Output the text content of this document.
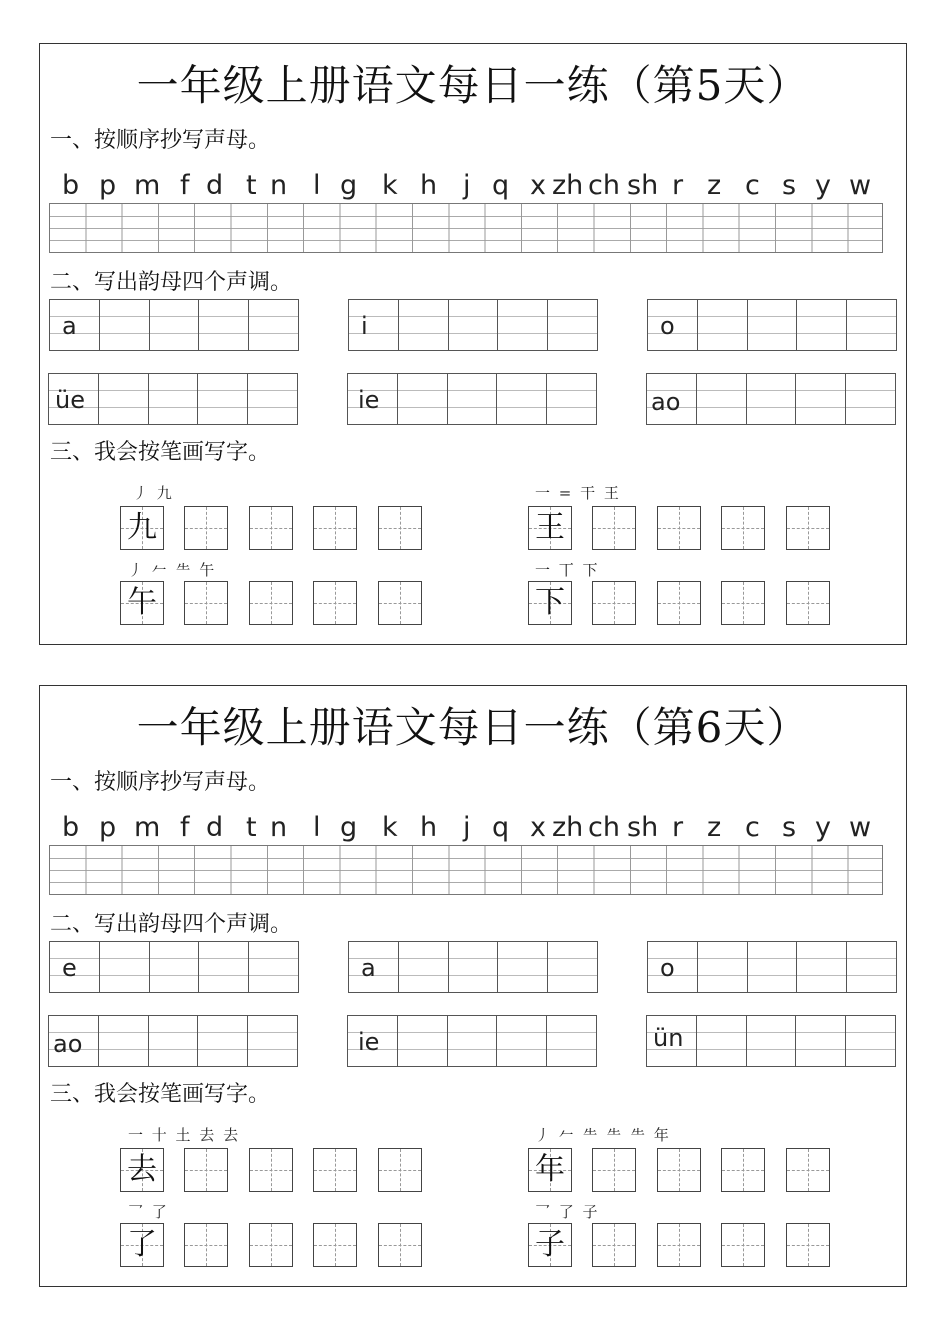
一年级上册语文每日一练（第5天）
一、按顺序抄写声母。
b p m f d t n l g k h j q x zh ch sh r z c s y w
二、写出韵母四个声调。
a	i	o
üe	ie	ao
三、我会按笔画写字。
丿 九
九
一 = 干 王
王
丿 𠂉 ⺧ 午
午
一 丅 下
下
一年级上册语文每日一练（第6天）
一、按顺序抄写声母。
b p m f d t n l g k h j q x zh ch sh r z c s y w
二、写出韵母四个声调。
e	a	o
ao	ie	ün
三、我会按笔画写字。
一 十 土 去 去
去
丿 𠂉 ⺧ ⺧ ⺧ 年
年
乛 了
了
乛 了 子
子
